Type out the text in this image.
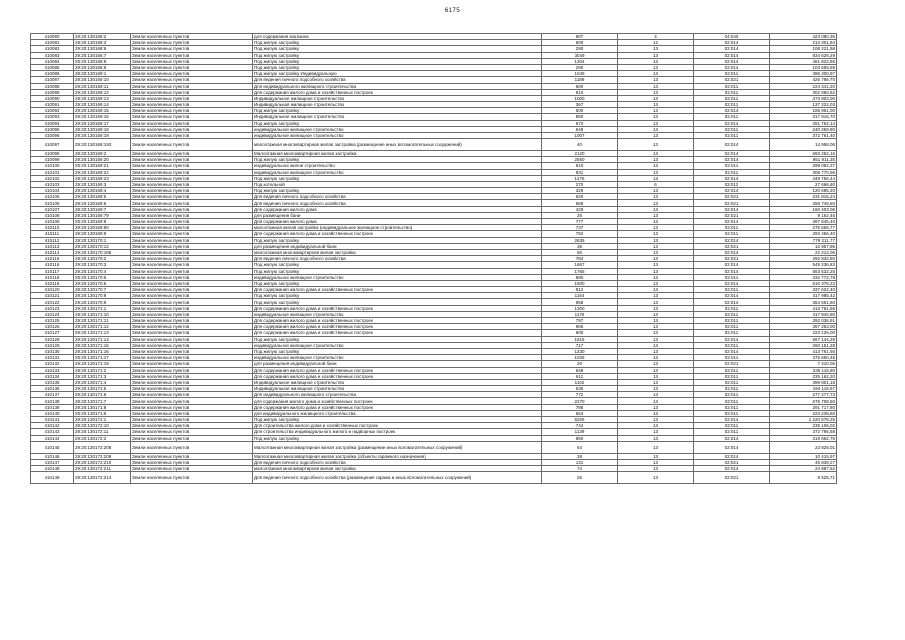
6175
410080	29:20:130168:2	Земли населенных пунктов	для содержания магазина	807	4	04:040	423 080,35
410081	29:20:130168:3	Земли населенных пунктов	Под жилую застройку	600	12	02:014	213 301,84
410082	29:20:130168:6	Земли населенных пунктов	Под жилую застройку	290	13	02:014	108 221,58
410083	29:20:130168:7	Земли населенных пунктов	Под жилую застройку	3049	13	02:014	834 626,29
410084	29:20:130168:8	Земли населенных пунктов	Под жилую застройку	1304	13	02:014	461 822,55
410085	29:20:130168:9	Земли населенных пунктов	Под жилую застройку	290	13	02:014	103 655,69
410086	29:20:130169:1	Земли населенных пунктов	Под жилую застройку Индивидуальную	1049	13	02:011	386 300,97
410087	29:20:130169:10	Земли населенных пунктов	Для ведения личного подсобного хозяйства	1189	13	02:021	426 786,70
410088	29:20:130169:11	Земли населенных пунктов	Для индивидуального жилищного строительства	600	13	02:011	224 341,20
410089	29:20:130169:12	Земли населенных пунктов	Для содержания жилого дома и хозяйственных построек	810	13	02:011	302 860,62
410090	29:20:130169:13	Земли населенных пунктов	Индивидуальное жилищное строительство	1000	13	02:011	373 902,00
410091	29:20:130169:14	Земли населенных пунктов	Индивидуальная жилищное строительство	367	13	02:011	137 222,03
410092	29:20:130169:15	Земли населенных пунктов	Под жилую застройку	500	13	02:014	185 951,00
410093	29:20:130169:16	Земли населенных пунктов	Индивидуальное жилищное строительство	850	13	02:011	317 816,70
410094	29:20:130169:17	Земли населенных пунктов	Под жилую застройку	672	13	02:014	251 762,14
410095	29:20:130169:18	Земли населенных пунктов	индивидуальное жилищное строительство	649	13	02:011	240 259,80
410096	29:20:130169:19	Земли населенных пунктов	индивидуальное жилищное строительство	1007	13	02:011	372 761,40
410097	29:20:130169:193	Земли населенных пунктов	малоэтажная многоквартирная жилая застройка (размещение иных вспомогательных сооружений)	40	13	02:014	14 958,06
410098	29:20:130169:2	Земли населенных пунктов	Малоэтажная многоквартирная жилая застройка	2120	13	02:014	693 252,16
410099	29:20:130169:20	Земли населенных пунктов	Под жилую застройку	2560	13	02:014	951 811,35
410100	29:20:130169:21	Земли населенных пунктов	индивидуальное жилое строительство	810	13	02:011	299 082,37
410101	29:20:130169:22	Земли населенных пунктов	индивидуальное жилищное строительство	831	13	02:011	308 770,96
410102	29:20:130169:23	Земли населенных пунктов	Под жилую застройку	1276	13	02:014	448 756,44
410103	29:20:130169:3	Земли населенных пунктов	Под котельной	270	6	03:012	27 666,60
410104	29:20:130169:4	Земли населенных пунктов	Под жилую застройку	326	13	02:014	120 685,20
410105	29:20:130169:5	Земли населенных пунктов	Для ведения личного подсобного хозяйства	620	13	02:021	231 815,24
410106	29:20:130169:6	Земли населенных пунктов	Для ведения личного подсобного хозяйства	669	13	02:021	258 749,50
410107	29:20:130169:7	Земли населенных пунктов	Для содержания жилого дома	429	13	02:014	160 403,06
410108	29:20:130169:79	Земли населенных пунктов	для размещения бани	25	13	02:021	9 162,45
410109	29:20:130169:8	Земли населенных пунктов	Для содержания жилого дома	777	13	02:014	287 645,40
410110	29:20:130169:80	Земли населенных пунктов	малоэтажная жилая застройка (индивидуальное жилищное строительство)	737	13	02:011	275 565,77
410111	29:20:130169:9	Земли населенных пунктов	Для содержания жилого дома и хозяйственных построек	792	13	02:011	293 456,40
410112	29:20:130170:1	Земли населенных пунктов	Под жилую застройку	2635	13	02:014	779 211,77
410113	29:20:130170:12	Земли населенных пунктов	для размещения индивидуальной бани	35	13	02:021	12 957,95
410114	29:20:130170:186	Земли населенных пунктов	малоэтажная многоквартирная жилая застройка	60	13	02:014	22 212,06
410115	29:20:130170:2	Земли населенных пунктов	Для ведения личного подсобного хозяйства	784	13	02:021	292 832,80
410116	29:20:130170:3	Земли населенных пунктов	Под жилую застройку	1667	13	02:014	549 236,83
410117	29:20:130170:4	Земли населенных пунктов	Под жилую застройку	1765	13	02:014	563 532,25
410118	29:20:130170:5	Земли населенных пунктов	индивидуальное жилищное строительство	890	13	02:011	332 772,78
410119	29:20:130170:6	Земли населенных пунктов	Под жилую застройку	1500	13	02:014	510 378,23
410120	29:20:130170:7	Земли населенных пунктов	Для содержания жилого дома и хозяйственных построек	912	13	02:011	337 622,40
410121	29:20:130170:8	Земли населенных пунктов	Под жилую застройку	1164	13	02:014	417 985,42
410122	29:20:130170:9	Земли населенных пунктов	Под жилую застройку	958	13	02:014	354 651,60
410123	29:20:130171:1	Земли населенных пунктов	Для содержания жилого дома и хозяйственных построек	1300	13	02:011	413 761,56
410124	29:20:130171:10	Земли населенных пунктов	индивидуальное жилищное строительство	1176	13	02:011	417 940,90
410125	29:20:130171:11	Земли населенных пунктов	Для содержания жилого дома и хозяйственных построек	797	13	02:011	292 036,91
410126	29:20:130171:12	Земли населенных пунктов	Для содержания жилого дома и хозяйственных построек	965	13	02:011	357 253,00
410127	29:20:130171:13	Земли населенных пунктов	Для содержания жилого дома и хозяйственных построек	600	13	02:011	223 126,00
410128	29:20:130171:14	Земли населенных пунктов	Под жилую застройку	1615	13	02:014	567 144,29
410129	29:20:130171:15	Земли населенных пунктов	индивидуальное жилищное строительство	717	13	02:011	260 151,28
410130	29:20:130171:16	Земли населенных пунктов	Под жилую застройку	1230	13	02:014	413 761,56
410131	29:20:130171:17	Земли населенных пунктов	индивидуальное жилищное строительство	1025	13	02:011	375 660,45
410132	29:20:130171:19	Земли населенных пунктов	для размещения индивидуальной бани	20	13	02:021	7 410,06
410133	29:20:130171:2	Земли населенных пунктов	Для содержания жилого дома и хозяйственных построек	648	13	02:011	235 115,80
410134	29:20:130171:3	Земли населенных пунктов	Для содержания жилого дома и хозяйственных построек	611	13	02:011	235 162,20
410135	29:20:130171:4	Земли населенных пунктов	Индивидуальное жилищное строительство	1102	13	02:011	399 801,18
410136	29:20:130171:5	Земли населенных пунктов	Индивидуальное жилищное строительство	535	13	02:011	194 115,67
410137	29:20:130171:6	Земли населенных пунктов	Для индивидуального жилищного строительства	772	13	02:011	277 277,73
410138	29:20:130171:7	Земли населенных пунктов	для содержания жилого дома и хозяйственных построек	2270	13	02:011	676 708,50
410139	29:20:130171:8	Земли населенных пунктов	Для содержания жилого дома и хозяйственных построек	788	13	02:011	291 717,80
410140	29:20:130171:9	Земли населенных пунктов	для индивидуального жилищного строительства	653	13	02:011	223 238,60
410141	29:20:130172:1	Земли населенных пунктов	Под жилую застройку	5205	13	02:014	1 220 578,25
410142	29:20:130172:10	Земли населенных пунктов	Для строительства жилого дома и хозяйственных построек	744	13	02:011	235 106,02
410143	29:20:130172:11	Земли населенных пунктов	Для строительства индивидуального жилого и надворных построек	1139	13	02:011	372 795,58
410144	29:20:130172:2	Земли населенных пунктов	Под жилую застройку	850	13	02:014	319 662,75
410145	29:20:130172:208	Земли населенных пунктов	Малоэтажная многоквартирная жилая застройка (размещение иных вспомогательных сооружений)	64	13	02:014	23 825,01
410146	29:20:130172:209	Земли населенных пунктов	Малоэтажная многоквартирная жилая застройка (объекты гаражного назначения)	28	13	02:014	10 415,97
410147	29:20:130172:210	Земли населенных пунктов	Для ведения личного подсобного хозяйства	131	13	02:021	45 839,27
410148	29:20:130172:211	Земли населенных пунктов	малоэтажная многоквартирная жилая застройка	74	13	02:014	24 987,62
410149	29:20:130172:214	Земли населенных пунктов	Для ведения личного подсобного хозяйства (размещение гаража и иных вспомогательных сооружений)	25	13	02:021	8 525,71
